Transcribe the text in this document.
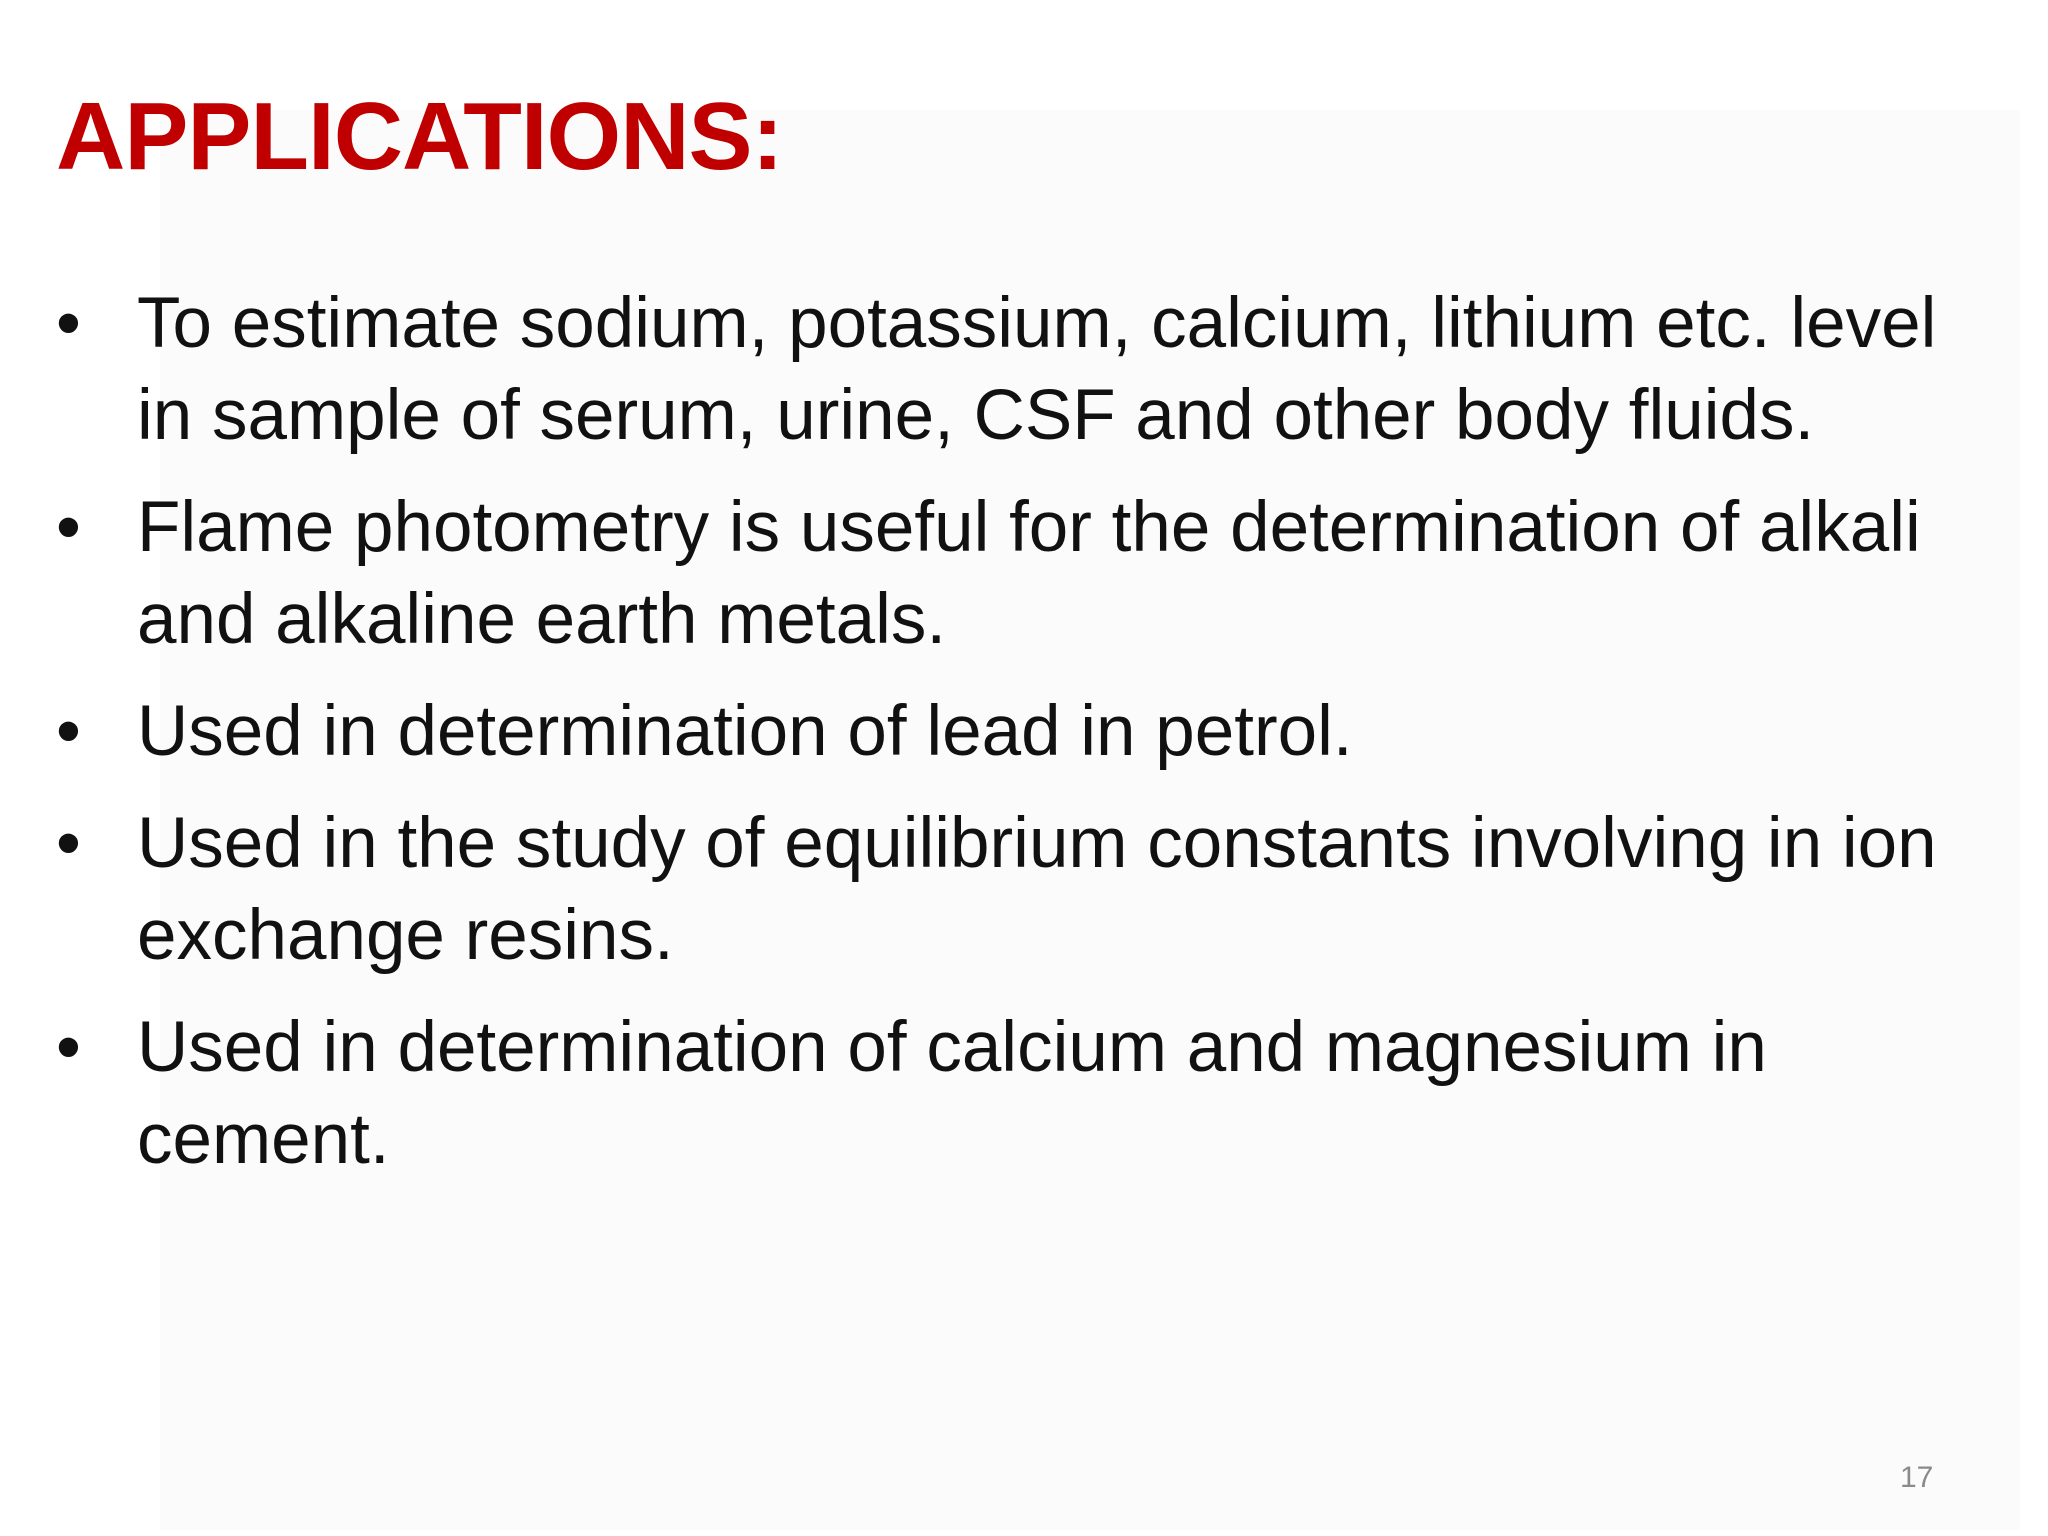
APPLICATIONS:
• To estimate sodium, potassium, calcium, lithium etc. level in sample of serum, urine, CSF and other body fluids.
• Flame photometry is useful for the determination of alkali and alkaline earth metals.
• Used in determination of lead in petrol.
• Used in the study of equilibrium constants involving in ion exchange resins.
• Used in determination of calcium and magnesium in cement.
17
